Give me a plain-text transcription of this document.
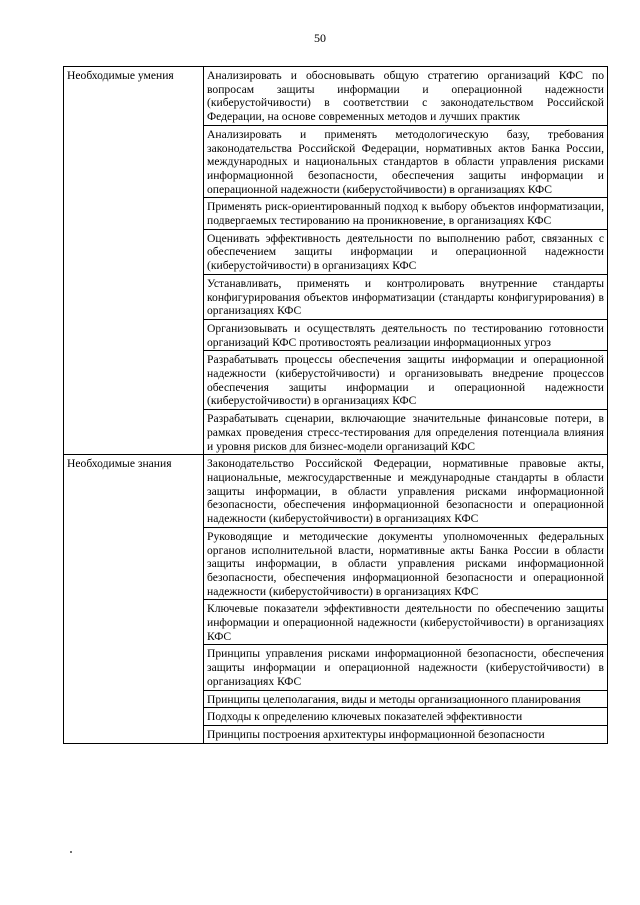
50
Необходимые умения	Анализировать и обосновывать общую стратегию организаций КФС по вопросам защиты информации и операционной надежности (киберустойчивости) в соответствии с законодательством Российской Федерации, на основе современных методов и лучших практик
	Анализировать и применять методологическую базу, требования законодательства Российской Федерации, нормативных актов Банка России, международных и национальных стандартов в области управления рисками информационной безопасности, обеспечения защиты информации и операционной надежности (киберустойчивости) в организациях КФС
	Применять риск-ориентированный подход к выбору объектов информатизации, подвергаемых тестированию на проникновение, в организациях КФС
	Оценивать эффективность деятельности по выполнению работ, связанных с обеспечением защиты информации и операционной надежности (киберустойчивости) в организациях КФС
	Устанавливать, применять и контролировать внутренние стандарты конфигурирования объектов информатизации (стандарты конфигурирования) в организациях КФС
	Организовывать и осуществлять деятельность по тестированию готовности организаций КФС противостоять реализации информационных угроз
	Разрабатывать процессы обеспечения защиты информации и операционной надежности (киберустойчивости) и организовывать внедрение процессов обеспечения защиты информации и операционной надежности (киберустойчивости) в организациях КФС
	Разрабатывать сценарии, включающие значительные финансовые потери, в рамках проведения стресс-тестирования для определения потенциала влияния и уровня рисков для бизнес-модели организаций КФС
Необходимые знания	Законодательство Российской Федерации, нормативные правовые акты, национальные, межгосударственные и международные стандарты в области защиты информации, в области управления рисками информационной безопасности, обеспечения информационной безопасности и операционной надежности (киберустойчивости) в организациях КФС
	Руководящие и методические документы уполномоченных федеральных органов исполнительной власти, нормативные акты Банка России в области защиты информации, в области управления рисками информационной безопасности, обеспечения информационной безопасности и операционной надежности (киберустойчивости) в организациях КФС
	Ключевые показатели эффективности деятельности по обеспечению защиты информации и операционной надежности (киберустойчивости) в организациях КФС
	Принципы управления рисками информационной безопасности, обеспечения защиты информации и операционной надежности (киберустойчивости) в организациях КФС
	Принципы целеполагания, виды и методы организационного планирования
	Подходы к определению ключевых показателей эффективности
	Принципы построения архитектуры информационной безопасности
